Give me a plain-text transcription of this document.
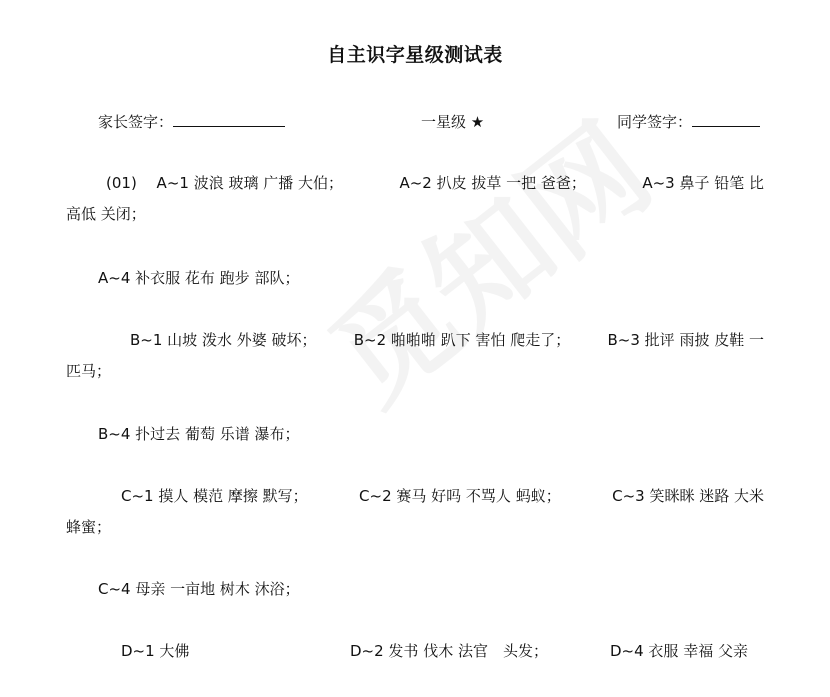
自主识字星级测试表
家长签字：	一星级 ★	同学签字：
(01)　 A~1 波浪 玻璃 广播 大伯；	A~2 扒皮 拔草 一把 爸爸；	A~3 鼻子 铅笔 比
高低 关闭；
A~4 补衣服 花布 跑步 部队；
B~1 山坡 泼水 外婆 破坏； B~2 啪啪啪 趴下 害怕 爬走了； B~3 批评 雨披 皮鞋 一
匹马；
B~4 扑过去 葡萄 乐谱 瀑布；
C~1 摸人 模范 摩擦 默写；	C~2 赛马 好吗 不骂人 蚂蚁；	C~3 笑眯眯 迷路 大米
蜂蜜；
C~4 母亲 一亩地 树木 沐浴；
D~1 大佛	D~2 发书 伐木 法官　头发；	D~4 衣服 幸福 父亲
